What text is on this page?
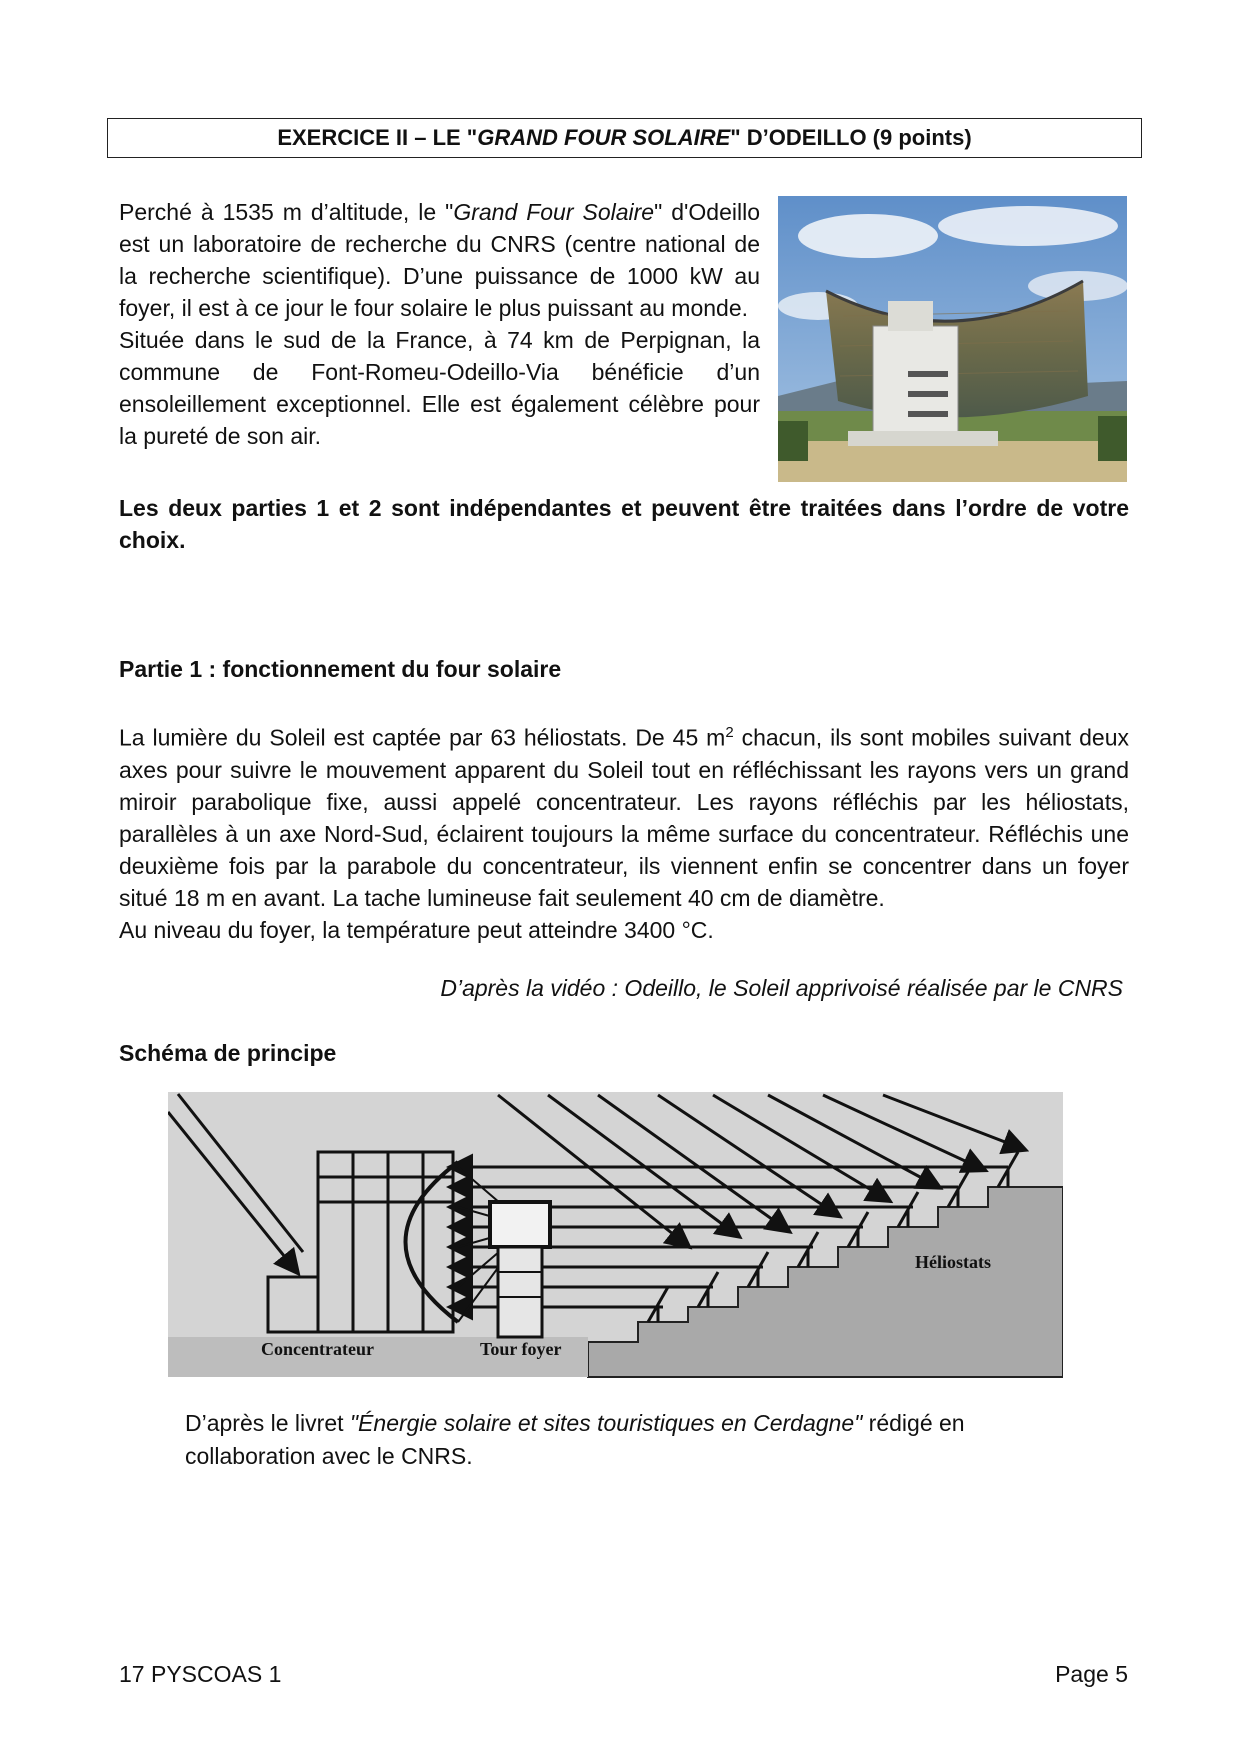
EXERCICE II – LE "GRAND FOUR SOLAIRE" D’ODEILLO (9 points)
Perché à 1535 m d’altitude, le "Grand Four Solaire" d'Odeillo est un laboratoire de recherche du CNRS (centre national de la recherche scientifique). D’une puissance de 1000 kW au foyer, il est à ce jour le four solaire le plus puissant au monde.
Située dans le sud de la France, à 74 km de Perpignan, la commune de Font-Romeu-Odeillo-Via bénéficie d’un ensoleillement exceptionnel. Elle est également célèbre pour la pureté de son air.
Les deux parties 1 et 2 sont indépendantes et peuvent être traitées dans l’ordre de votre choix.
Partie 1 : fonctionnement du four solaire
La lumière du Soleil est captée par 63 héliostats. De 45 $m^2$ chacun, ils sont mobiles suivant deux axes pour suivre le mouvement apparent du Soleil tout en réfléchissant les rayons vers un grand miroir parabolique fixe, aussi appelé concentrateur. Les rayons réfléchis par les héliostats, parallèles à un axe Nord-Sud, éclairent toujours la même surface du concentrateur. Réfléchis une deuxième fois par la parabole du concentrateur, ils viennent enfin se concentrer dans un foyer situé 18 m en avant. La tache lumineuse fait seulement 40 cm de diamètre.
Au niveau du foyer, la température peut atteindre 3400 °C.
D’après la vidéo : Odeillo, le Soleil apprivoisé réalisée par le CNRS
Schéma de principe
Concentrateur	Tour foyer
Héliostats
D’après le livret "Énergie solaire et sites touristiques en Cerdagne" rédigé en collaboration avec le CNRS.
17 PYSCOAS 1	Page 5
